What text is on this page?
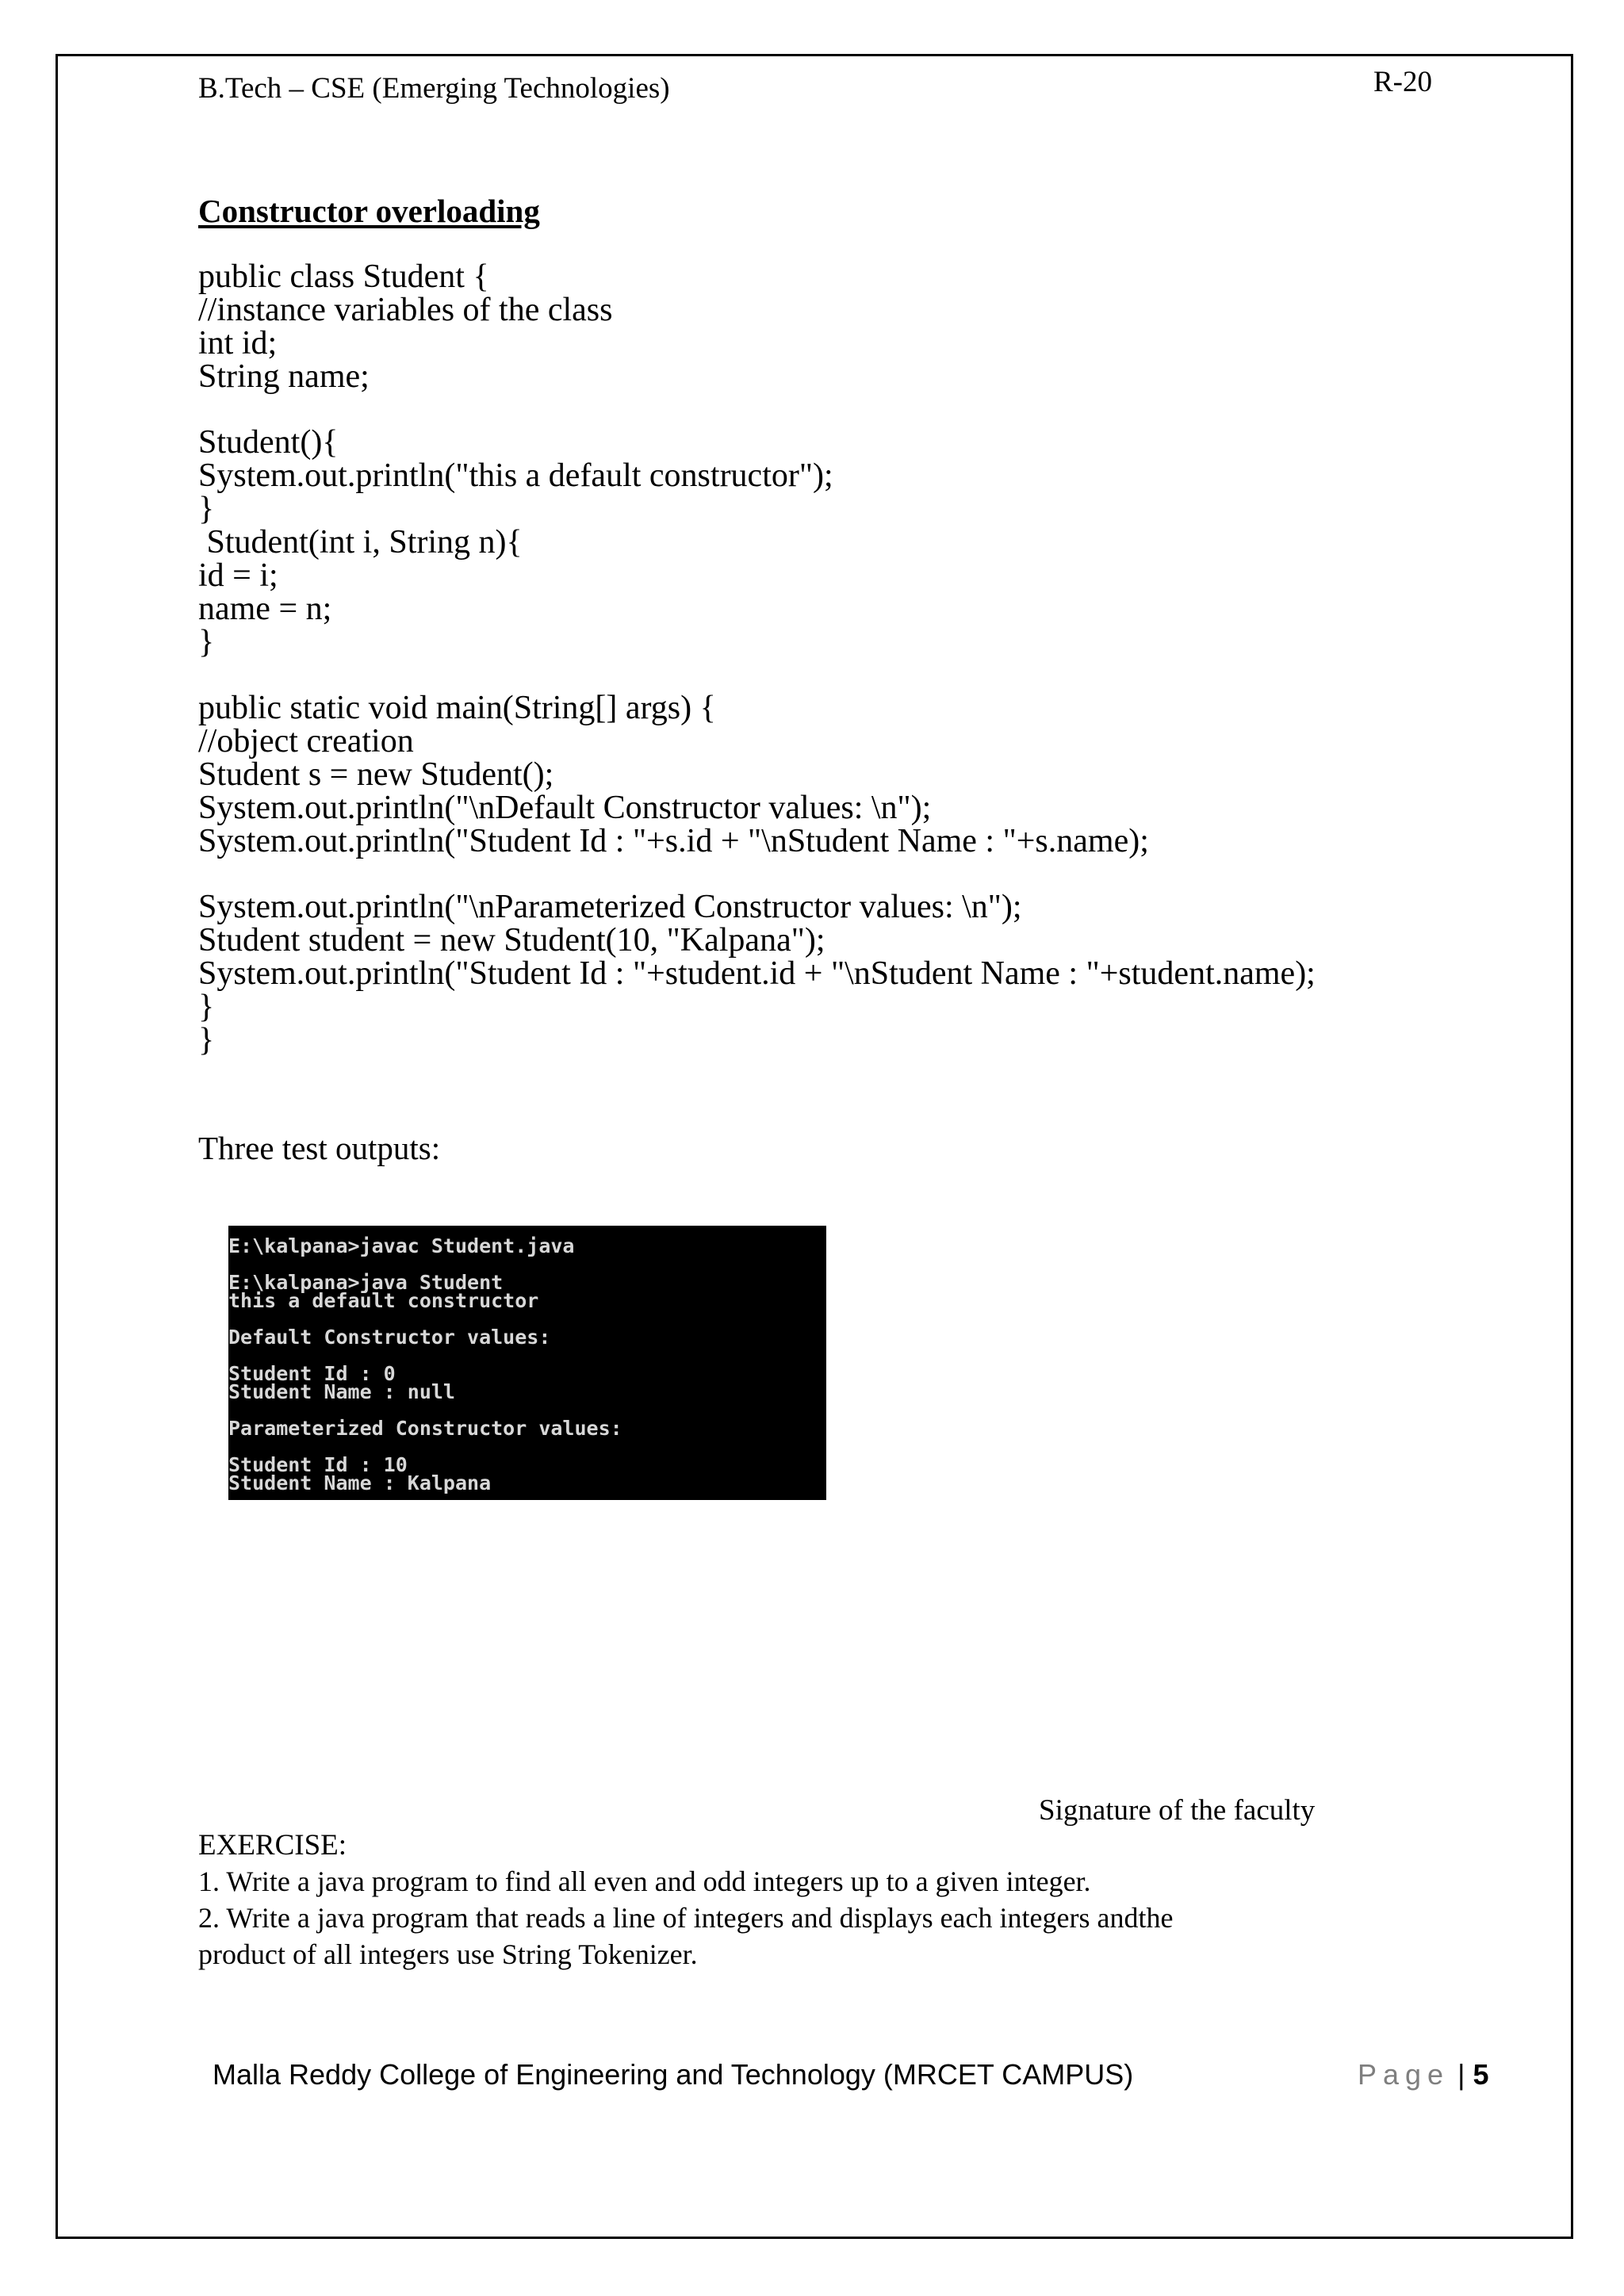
B.Tech – CSE (Emerging Technologies)	R-20
Constructor overloading
public class Student {
//instance variables of the class
int id;
String name;
Student(){
System.out.println("this a default constructor");
}
Student(int i, String n){
id = i;
name = n;
}
public static void main(String[] args) {
//object creation
Student s = new Student();
System.out.println("\nDefault Constructor values: \n");
System.out.println("Student Id : "+s.id + "\nStudent Name : "+s.name);
System.out.println("\nParameterized Constructor values: \n");
Student student = new Student(10, "Kalpana");
System.out.println("Student Id : "+student.id + "\nStudent Name : "+student.name);
}
}
Three test outputs:
E:\kalpana>javac Student.java
E:\kalpana>java Student
this a default constructor
Default Constructor values:
Student Id : 0
Student Name : null
Parameterized Constructor values:
Student Id : 10
Student Name : Kalpana
Signature of the faculty
EXERCISE:
1. Write a java program to find all even and odd integers up to a given integer.
2. Write a java program that reads a line of integers and displays each integers andthe
product of all integers use String Tokenizer.
Malla Reddy College of Engineering and Technology (MRCET CAMPUS)	Page | 5
